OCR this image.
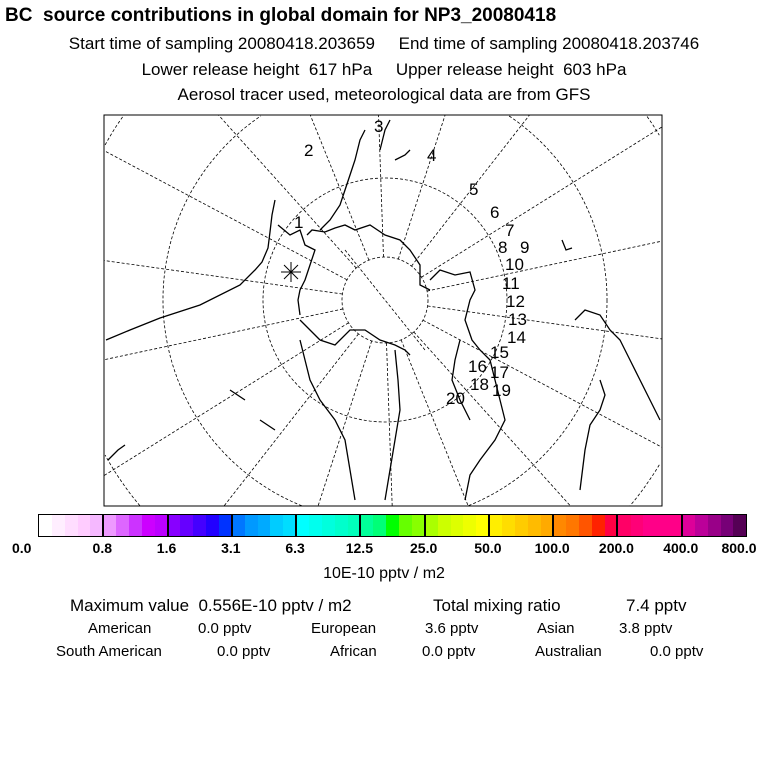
BC  source contributions in global domain for NP3_20080418
Start time of sampling 20080418.203659 End time of sampling 20080418.203746
Lower release height  617 hPa Upper release height  603 hPa
Aerosol tracer used, meteorological data are from GFS
1
2
3
4
5
6
7
8 9
10
11
12
13
14
15
16 17
18 19
20
0.0	0.8	1.6	3.1	6.3	12.5	25.0	50.0 100.0 200.0 400.0 800.0
10E-10 pptv / m2
Maximum value  0.556E-10 pptv / m2	Total mixing ratio	7.4 pptv
American	0.0 pptv	European	3.6 pptv	Asian	3.8 pptv
South American	0.0 pptv	African	0.0 pptv	Australian	0.0 pptv
